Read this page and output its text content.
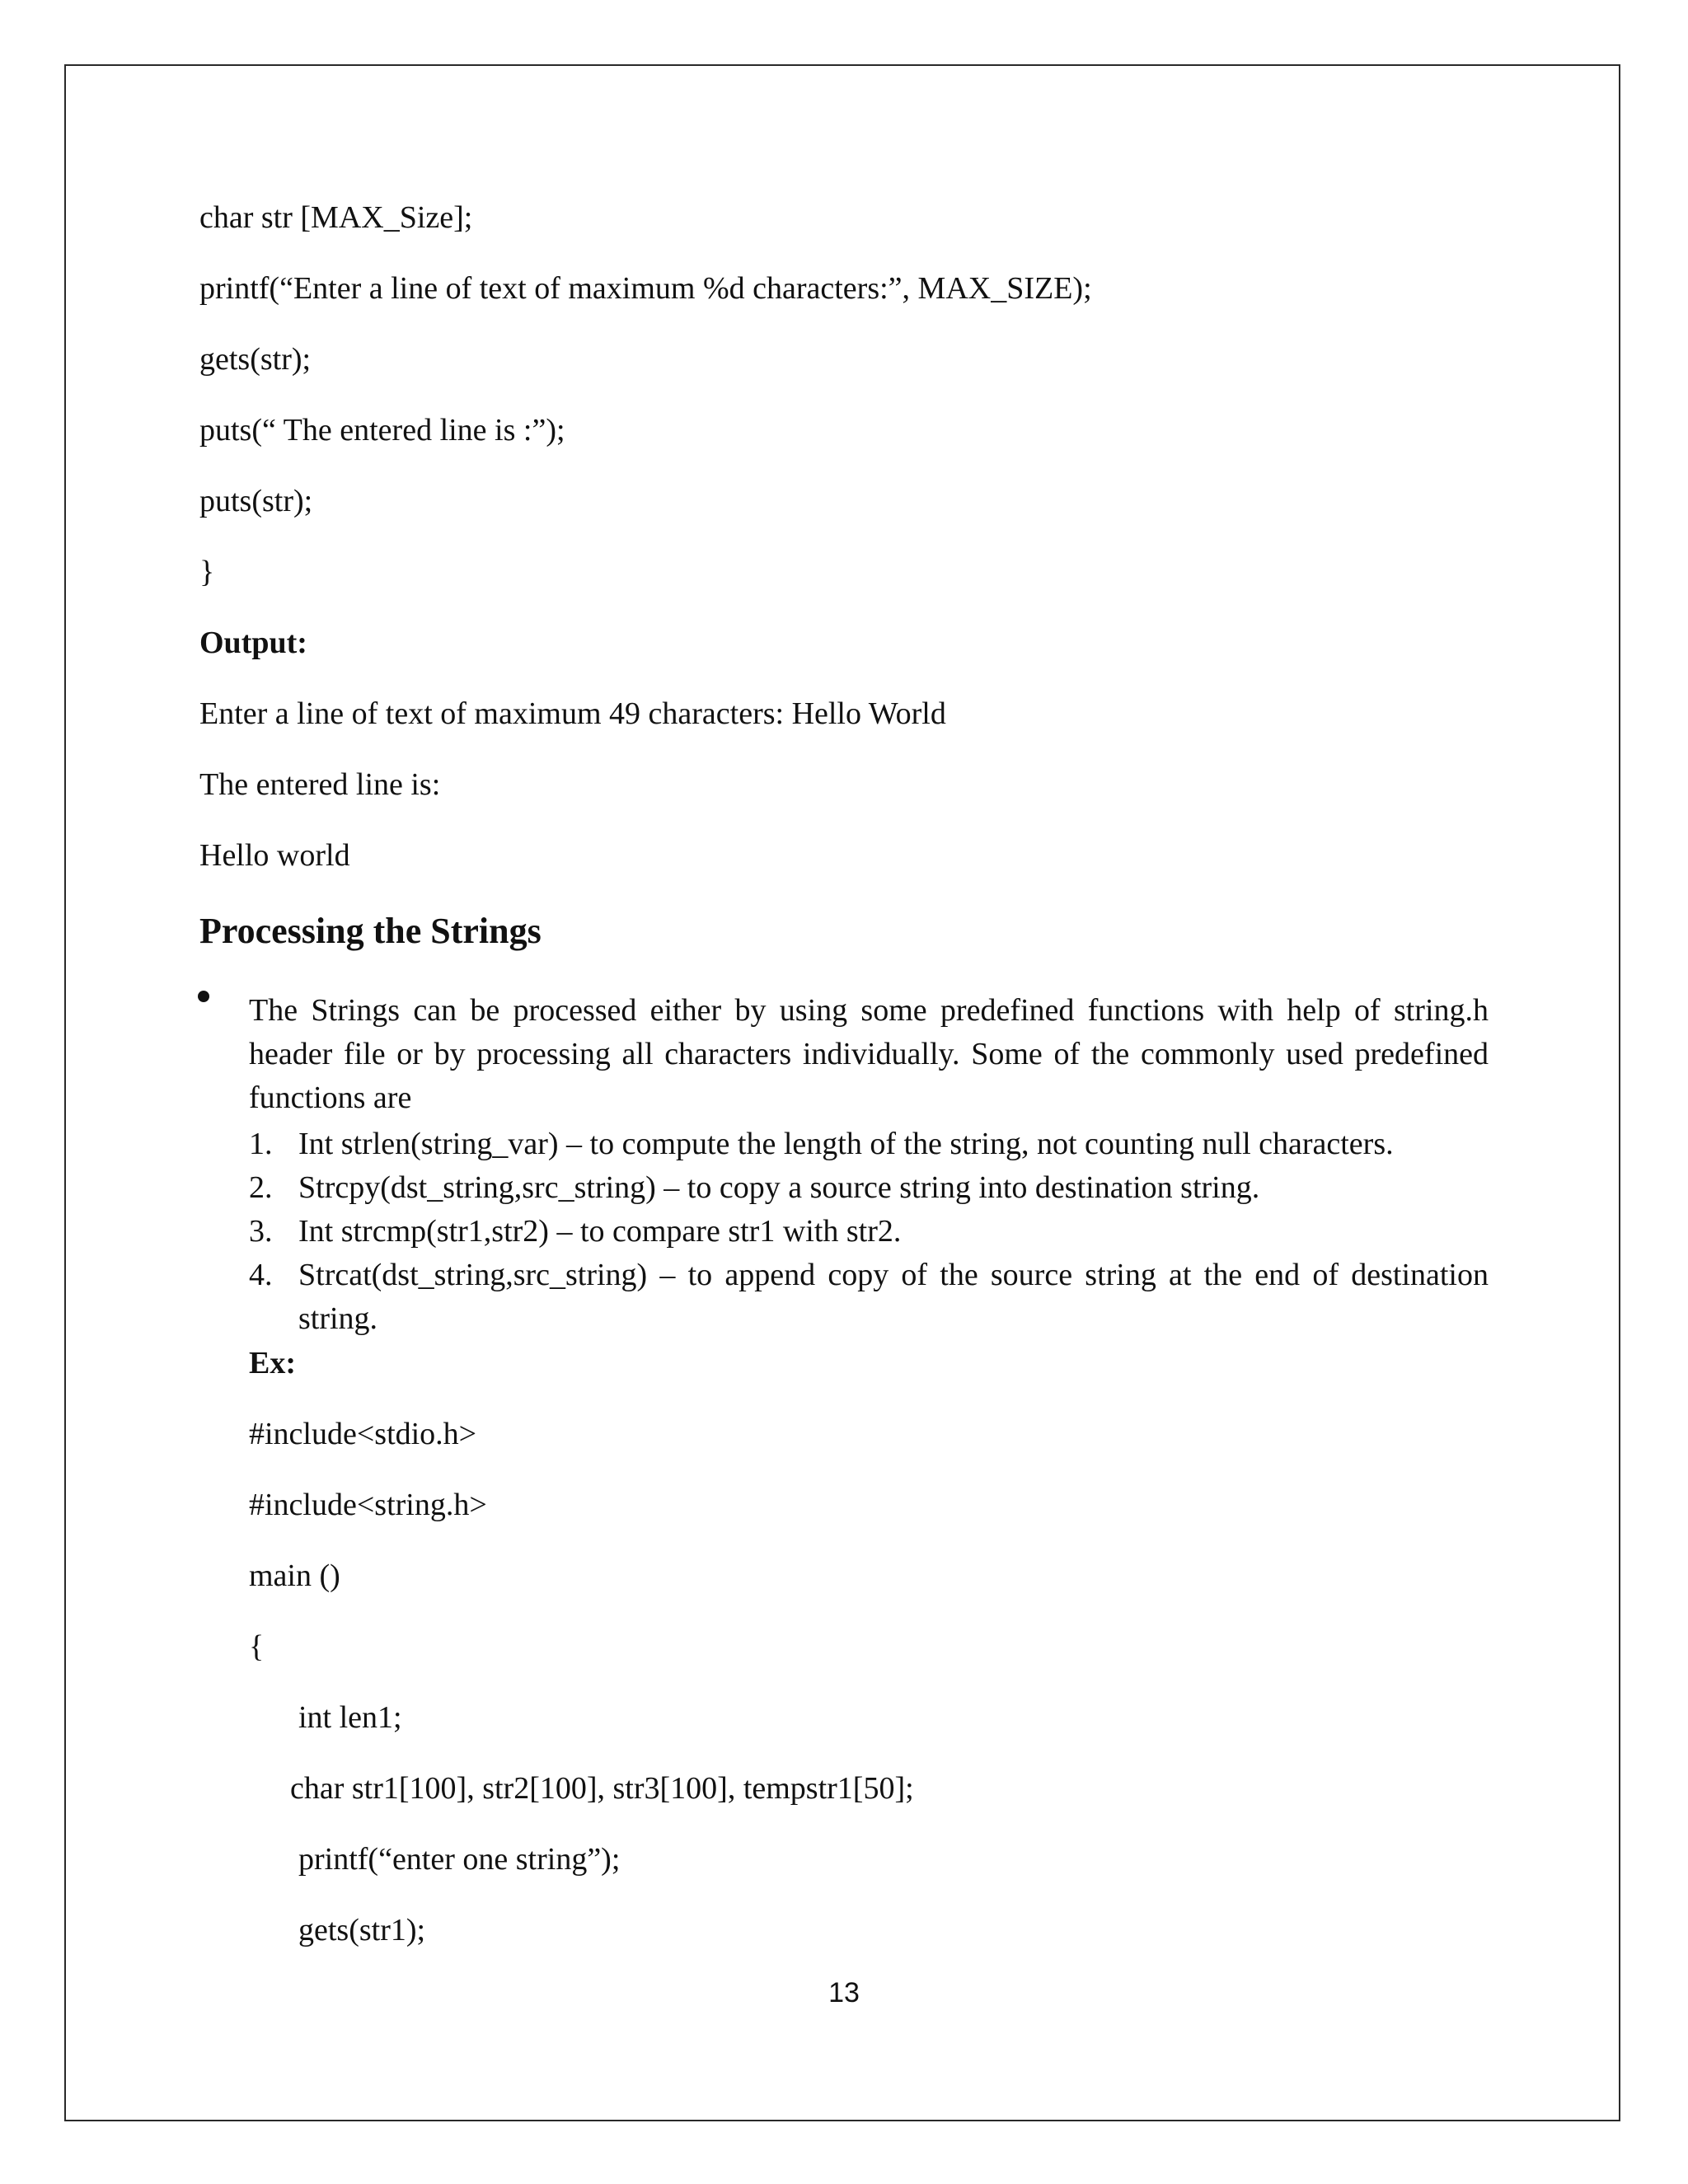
char str [MAX_Size];
printf(“Enter a line of text of maximum %d characters:”, MAX_SIZE);
gets(str);
puts(“ The entered line is :”);
puts(str);
}
Output:
Enter a line of text of maximum 49 characters: Hello World
The entered line is:
Hello world
Processing the Strings
The Strings can be processed either by using some predefined functions with help of string.h header file or by processing all characters individually. Some of the commonly used predefined functions are
1. Int strlen(string_var) – to compute the length of the string, not counting null characters.
2. Strcpy(dst_string,src_string) – to copy a source string into destination string.
3. Int strcmp(str1,str2) – to compare str1 with str2.
4. Strcat(dst_string,src_string) – to append copy of the source string at the end of destination string.
Ex:
#include<stdio.h>
#include<string.h>
main ()
{
int len1;
char str1[100], str2[100], str3[100], tempstr1[50];
printf(“enter one string”);
gets(str1);
13
